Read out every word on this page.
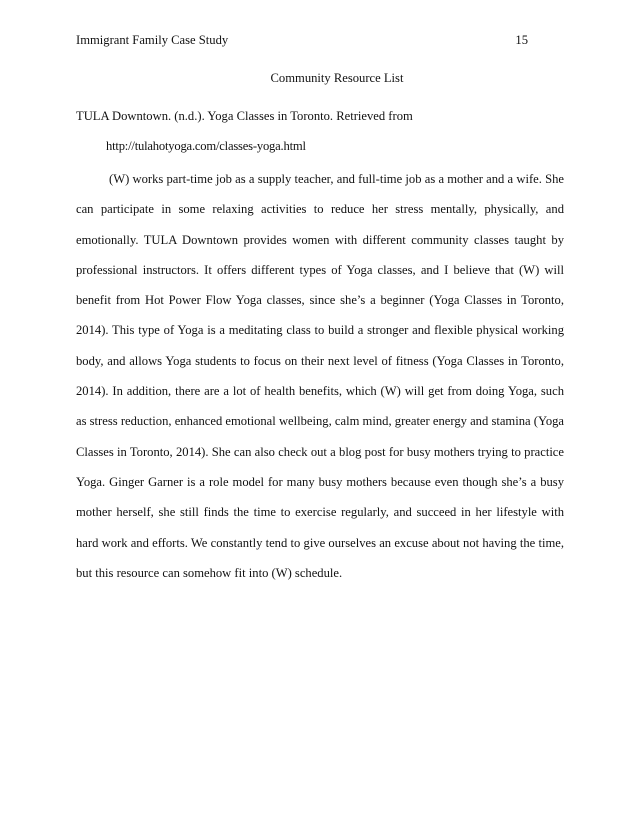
Immigrant Family Case Study	15
Community Resource List
TULA Downtown. (n.d.). Yoga Classes in Toronto. Retrieved from
http://tulahotyoga.com/classes-yoga.html

(W) works part-time job as a supply teacher, and full-time job as a mother and a wife. She can participate in some relaxing activities to reduce her stress mentally, physically, and emotionally. TULA Downtown provides women with different community classes taught by professional instructors. It offers different types of Yoga classes, and I believe that (W) will benefit from Hot Power Flow Yoga classes, since she’s a beginner (Yoga Classes in Toronto, 2014). This type of Yoga is a meditating class to build a stronger and flexible physical working body, and allows Yoga students to focus on their next level of fitness (Yoga Classes in Toronto, 2014). In addition, there are a lot of health benefits, which (W) will get from doing Yoga, such as stress reduction, enhanced emotional wellbeing, calm mind, greater energy and stamina (Yoga Classes in Toronto, 2014). She can also check out a blog post for busy mothers trying to practice Yoga. Ginger Garner is a role model for many busy mothers because even though she’s a busy mother herself, she still finds the time to exercise regularly, and succeed in her lifestyle with hard work and efforts. We constantly tend to give ourselves an excuse about not having the time, but this resource can somehow fit into (W) schedule.
